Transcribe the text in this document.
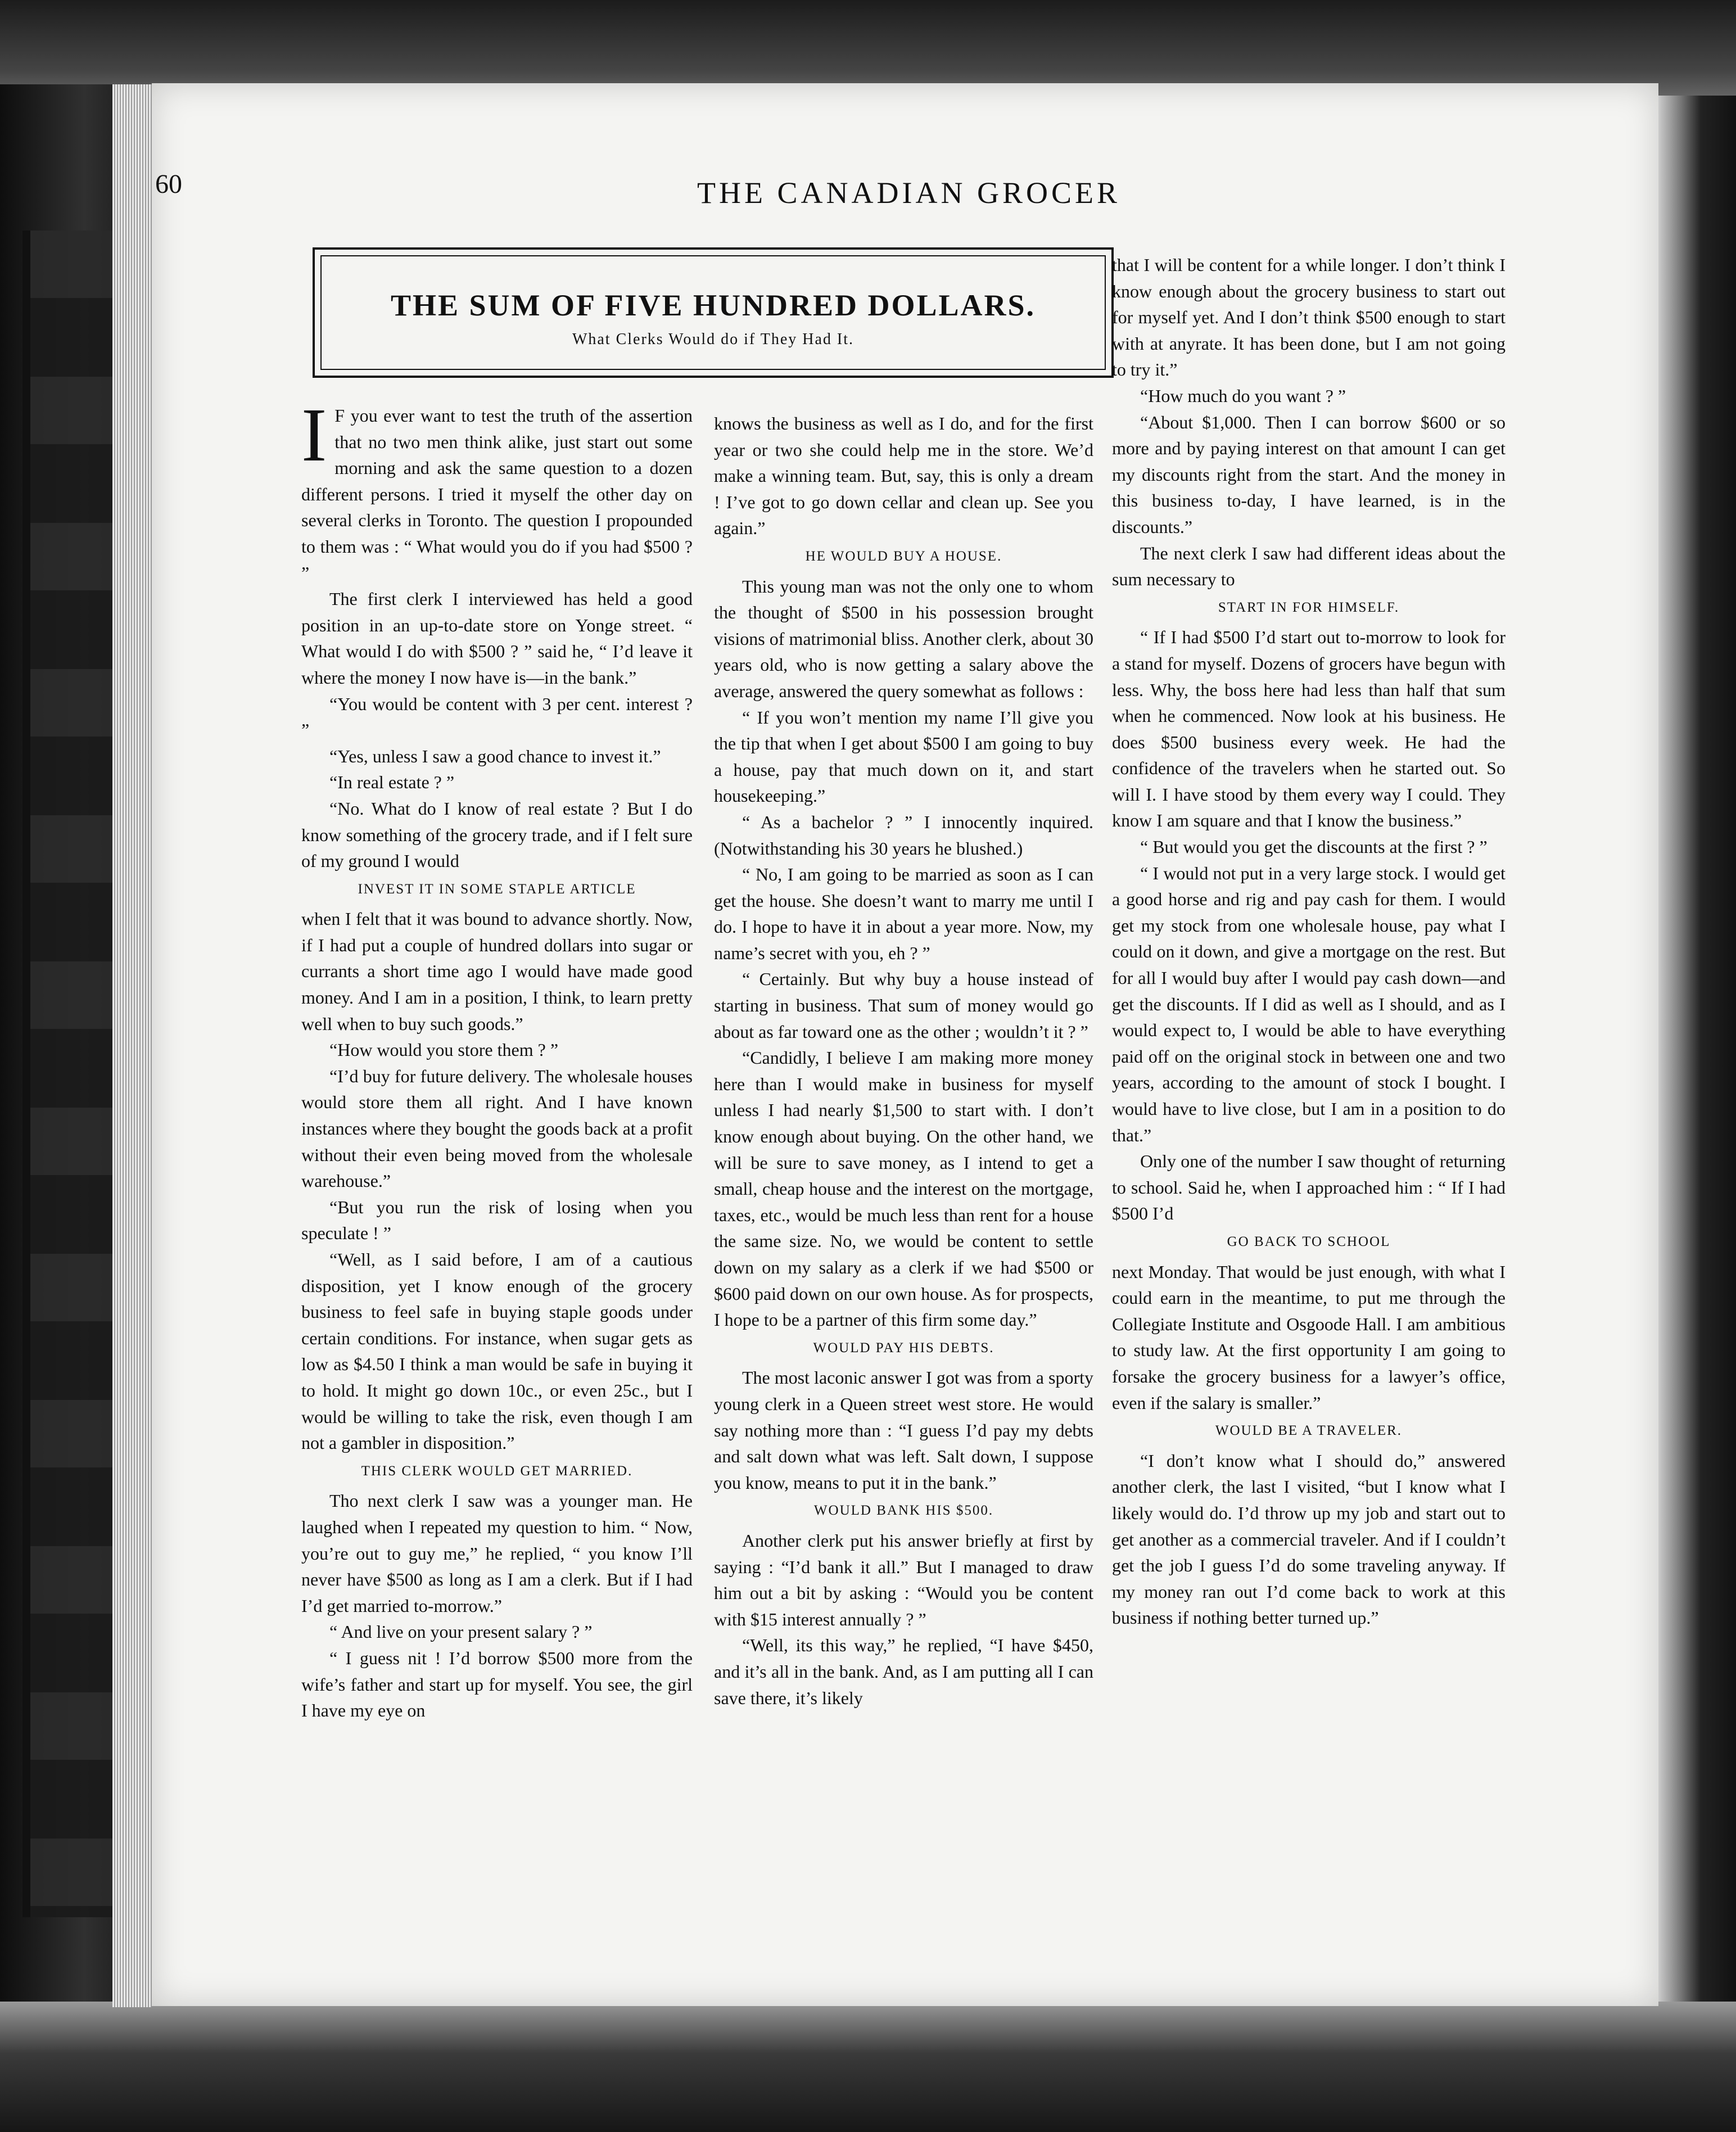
60	THE CANADIAN GROCER
THE SUM OF FIVE HUNDRED DOLLARS.
What Clerks Would do if They Had It.

I F you ever want to test the truth of the assertion that no two men think alike, just start out some morning and ask the same question to a dozen different persons. I tried it myself the other day on several clerks in Toronto. The question I propounded to them was : “ What would you do if you had $500 ? ”

The first clerk I interviewed has held a good position in an up-to-date store on Yonge street. “ What would I do with $500 ? ” said he, “ I’d leave it where the money I now have is—in the bank.”

“You would be content with 3 per cent. interest ? ”

“Yes, unless I saw a good chance to invest it.”

“In real estate ? ”

“No. What do I know of real estate ? But I do know something of the grocery trade, and if I felt sure of my ground I would

INVEST IT IN SOME STAPLE ARTICLE

when I felt that it was bound to advance shortly. Now, if I had put a couple of hundred dollars into sugar or currants a short time ago I would have made good money. And I am in a position, I think, to learn pretty well when to buy such goods.”

“How would you store them ? ”

“I’d buy for future delivery. The wholesale houses would store them all right. And I have known instances where they bought the goods back at a profit without their even being moved from the wholesale warehouse.”

“But you run the risk of losing when you speculate ! ”

“Well, as I said before, I am of a cautious disposition, yet I know enough of the grocery business to feel safe in buying staple goods under certain conditions. For instance, when sugar gets as low as $4.50 I think a man would be safe in buying it to hold. It might go down 10c., or even 25c., but I would be willing to take the risk, even though I am not a gambler in disposition.”

THIS CLERK WOULD GET MARRIED.

Tho next clerk I saw was a younger man. He laughed when I repeated my question to him. “ Now, you’re out to guy me,” he replied, “ you know I’ll never have $500 as long as I am a clerk. But if I had I’d get married to-morrow.”

“ And live on your present salary ? ”

“ I guess nit ! I’d borrow $500 more from the wife’s father and start up for myself. You see, the girl I have my eye on

knows the business as well as I do, and for the first year or two she could help me in the store. We’d make a winning team. But, say, this is only a dream ! I’ve got to go down cellar and clean up. See you again.”

HE WOULD BUY A HOUSE.

This young man was not the only one to whom the thought of $500 in his possession brought visions of matrimonial bliss. Another clerk, about 30 years old, who is now getting a salary above the average, answered the query somewhat as follows :

“ If you won’t mention my name I’ll give you the tip that when I get about $500 I am going to buy a house, pay that much down on it, and start housekeeping.”

“ As a bachelor ? ” I innocently inquired. (Notwithstanding his 30 years he blushed.)

“ No, I am going to be married as soon as I can get the house. She doesn’t want to marry me until I do. I hope to have it in about a year more. Now, my name’s secret with you, eh ? ”

“ Certainly. But why buy a house instead of starting in business. That sum of money would go about as far toward one as the other ; wouldn’t it ? ”

“Candidly, I believe I am making more money here than I would make in business for myself unless I had nearly $1,500 to start with. I don’t know enough about buying. On the other hand, we will be sure to save money, as I intend to get a small, cheap house and the interest on the mortgage, taxes, etc., would be much less than rent for a house the same size. No, we would be content to settle down on my salary as a clerk if we had $500 or $600 paid down on our own house. As for prospects, I hope to be a partner of this firm some day.”

WOULD PAY HIS DEBTS.

The most laconic answer I got was from a sporty young clerk in a Queen street west store. He would say nothing more than : “I guess I’d pay my debts and salt down what was left. Salt down, I suppose you know, means to put it in the bank.”

WOULD BANK HIS $500.

Another clerk put his answer briefly at first by saying : “I’d bank it all.” But I managed to draw him out a bit by asking : “Would you be content with $15 interest annually ? ”

“Well, its this way,” he replied, “I have $450, and it’s all in the bank. And, as I am putting all I can save there, it’s likely

that I will be content for a while longer. I don’t think I know enough about the grocery business to start out for myself yet. And I don’t think $500 enough to start with at anyrate. It has been done, but I am not going to try it.”

“How much do you want ? ”

“About $1,000. Then I can borrow $600 or so more and by paying interest on that amount I can get my discounts right from the start. And the money in this business to-day, I have learned, is in the discounts.”

The next clerk I saw had different ideas about the sum necessary to

START IN FOR HIMSELF.

“ If I had $500 I’d start out to-morrow to look for a stand for myself. Dozens of grocers have begun with less. Why, the boss here had less than half that sum when he commenced. Now look at his business. He does $500 business every week. He had the confidence of the travelers when he started out. So will I. I have stood by them every way I could. They know I am square and that I know the business.”

“ But would you get the discounts at the first ? ”

“ I would not put in a very large stock. I would get a good horse and rig and pay cash for them. I would get my stock from one wholesale house, pay what I could on it down, and give a mortgage on the rest. But for all I would buy after I would pay cash down—and get the discounts. If I did as well as I should, and as I would expect to, I would be able to have everything paid off on the original stock in between one and two years, according to the amount of stock I bought. I would have to live close, but I am in a position to do that.”

Only one of the number I saw thought of returning to school. Said he, when I approached him : “ If I had $500 I’d

GO BACK TO SCHOOL

next Monday. That would be just enough, with what I could earn in the meantime, to put me through the Collegiate Institute and Osgoode Hall. I am ambitious to study law. At the first opportunity I am going to forsake the grocery business for a lawyer’s office, even if the salary is smaller.”

WOULD BE A TRAVELER.

“I don’t know what I should do,” answered another clerk, the last I visited, “but I know what I likely would do. I’d throw up my job and start out to get another as a commercial traveler. And if I couldn’t get the job I guess I’d do some traveling anyway. If my money ran out I’d come back to work at this business if nothing better turned up.”
